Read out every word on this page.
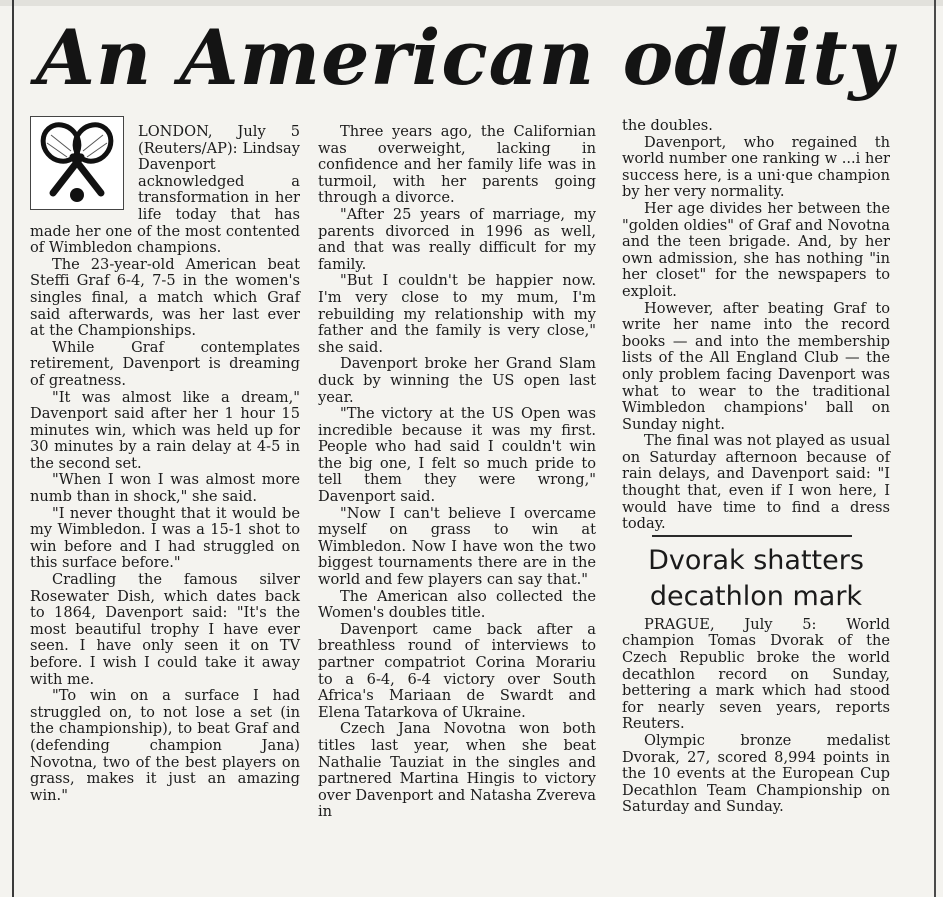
An American oddity

LONDON, July 5 (Reuters/AP): Lindsay Davenport acknowledged a transformation in her life today that has made her one of the most contented of Wimbledon champions.

The 23-year-old American beat Steffi Graf 6-4, 7-5 in the women's singles final, a match which Graf said afterwards, was her last ever at the Championships.

While Graf contemplates retirement, Davenport is dreaming of greatness.

"It was almost like a dream," Davenport said after her 1 hour 15 minutes win, which was held up for 30 minutes by a rain delay at 4-5 in the second set.

"When I won I was almost more numb than in shock," she said.

"I never thought that it would be my Wimbledon. I was a 15-1 shot to win before and I had struggled on this surface before."

Cradling the famous silver Rosewater Dish, which dates back to 1864, Davenport said: "It's the most beautiful trophy I have ever seen. I have only seen it on TV before. I wish I could take it away with me.

"To win on a surface I had struggled on, to not lose a set (in the championship), to beat Graf and (defending champion Jana) Novotna, two of the best players on grass, makes it just an amazing win."

Three years ago, the Californian was overweight, lacking in confidence and her family life was in turmoil, with her parents going through a divorce.

"After 25 years of marriage, my parents divorced in 1996 as well, and that was really difficult for my family.

"But I couldn't be happier now. I'm very close to my mum, I'm rebuilding my relationship with my father and the family is very close," she said.

Davenport broke her Grand Slam duck by winning the US open last year.

"The victory at the US Open was incredible because it was my first. People who had said I couldn't win the big one, I felt so much pride to tell them they were wrong," Davenport said.

"Now I can't believe I overcame myself on grass to win at Wimbledon. Now I have won the two biggest tournaments there are in the world and few players can say that."

The American also collected the Women's doubles title.

Davenport came back after a breathless round of interviews to partner compatriot Corina Morariu to a 6-4, 6-4 victory over South Africa's Mariaan de Swardt and Elena Tatarkova of Ukraine.

Czech Jana Novotna won both titles last year, when she beat Nathalie Tauziat in the singles and partnered Martina Hingis to victory over Davenport and Natasha Zvereva in

the doubles.

Davenport, who regained th world number one ranking w ...i her success here, is a uni·que champion by her very normality.

Her age divides her between the "golden oldies" of Graf and Novotna and the teen brigade. And, by her own admission, she has nothing "in her closet" for the newspapers to exploit.

However, after beating Graf to write her name into the record books — and into the membership lists of the All England Club — the only problem facing Davenport was what to wear to the traditional Wimbledon champions' ball on Sunday night.

The final was not played as usual on Saturday afternoon because of rain delays, and Davenport said: "I thought that, even if I won here, I would have time to find a dress today.

Dvorak shatters
decathlon mark

PRAGUE, July 5: World champion Tomas Dvorak of the Czech Republic broke the world decathlon record on Sunday, bettering a mark which had stood for nearly seven years, reports Reuters.

Olympic bronze medalist Dvorak, 27, scored 8,994 points in the 10 events at the European Cup Decathlon Team Championship on Saturday and Sunday.
